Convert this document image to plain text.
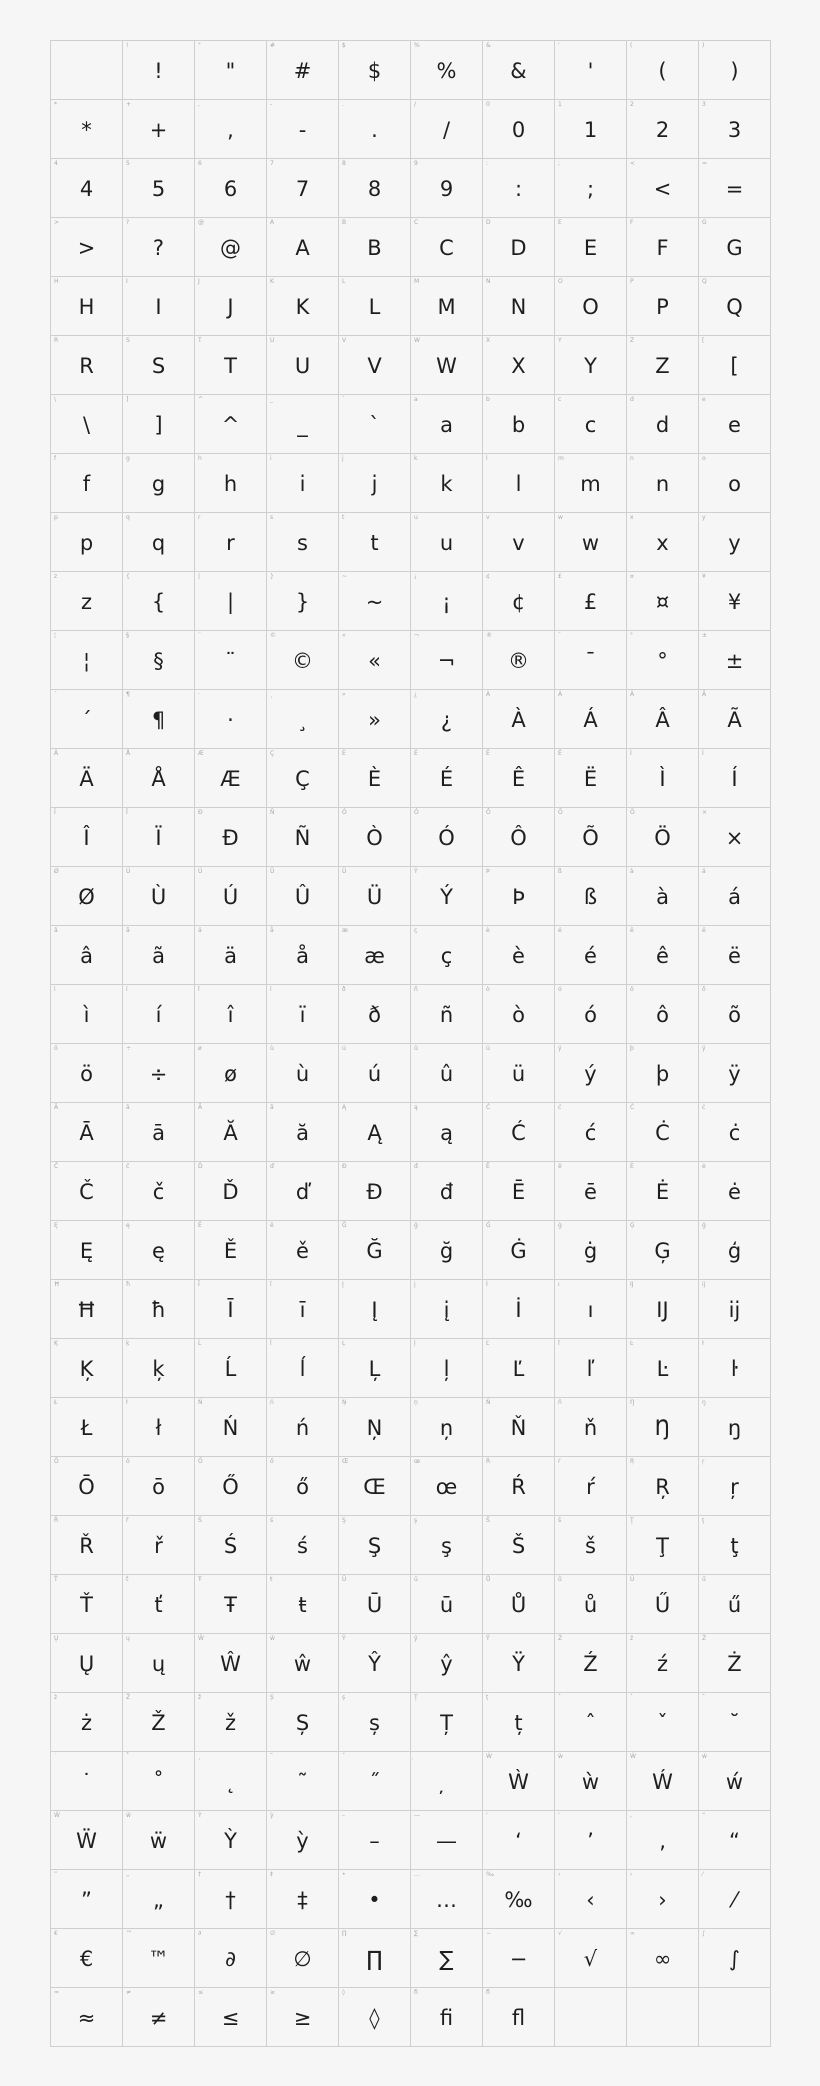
!
!
"
"
#
#
$
$
%
%
&
&
'
'
(
(
)
)
*
*
+
+
,
,
-
-
.
.
/
/
0
0
1
1
2
2
3
3
4
4
5
5
6
6
7
7
8
8
9
9
:
:
;
;
<
<
=
=
>
>
?
?
@
@
A
A
B
B
C
C
D
D
E
E
F
F
G
G
H
H
I
I
J
J
K
K
L
L
M
M
N
N
O
O
P
P
Q
Q
R
R
S
S
T
T
U
U
V
V
W
W
X
X
Y
Y
Z
Z
[
[
\
\
]
]
^
^
_
_
`
`
a
a
b
b
c
c
d
d
e
e
f
f
g
g
h
h
i
i
j
j
k
k
l
l
m
m
n
n
o
o
p
p
q
q
r
r
s
s
t
t
u
u
v
v
w
w
x
x
y
y
z
z
{
{
|
|
}
}
~
~
¡
¡
¢
¢
£
£
¤
¤
¥
¥
¦
¦
§
§
¨
¨
©
©
«
«
¬
¬
®
®
¯
¯
°
°
±
±
´
´
¶
¶
·
·
¸
¸
»
»
¿
¿
À
À
Á
Á
Â
Â
Ã
Ã
Ä
Ä
Å
Å
Æ
Æ
Ç
Ç
È
È
É
É
Ê
Ê
Ë
Ë
Ì
Ì
Í
Í
Î
Î
Ï
Ï
Ð
Ð
Ñ
Ñ
Ò
Ò
Ó
Ó
Ô
Ô
Õ
Õ
Ö
Ö
×
×
Ø
Ø
Ù
Ù
Ú
Ú
Û
Û
Ü
Ü
Ý
Ý
Þ
Þ
ß
ß
à
à
á
á
â
â
ã
ã
ä
ä
å
å
æ
æ
ç
ç
è
è
é
é
ê
ê
ë
ë
ì
ì
í
í
î
î
ï
ï
ð
ð
ñ
ñ
ò
ò
ó
ó
ô
ô
õ
õ
ö
ö
÷
÷
ø
ø
ù
ù
ú
ú
û
û
ü
ü
ý
ý
þ
þ
ÿ
ÿ
Ā
Ā
ā
ā
Ă
Ă
ă
ă
Ą
Ą
ą
ą
Ć
Ć
ć
ć
Ċ
Ċ
ċ
ċ
Č
Č
č
č
Ď
Ď
ď
ď
Đ
Đ
đ
đ
Ē
Ē
ē
ē
Ė
Ė
ė
ė
Ę
Ę
ę
ę
Ě
Ě
ě
ě
Ğ
Ğ
ğ
ğ
Ġ
Ġ
ġ
ġ
Ģ
Ģ
ģ
ģ
Ħ
Ħ
ħ
ħ
Ī
Ī
ī
ī
Į
Į
į
į
İ
İ
ı
ı
Ĳ
Ĳ
ĳ
ĳ
Ķ
Ķ
ķ
ķ
Ĺ
Ĺ
ĺ
ĺ
Ļ
Ļ
ļ
ļ
Ľ
Ľ
ľ
ľ
Ŀ
Ŀ
ŀ
ŀ
Ł
Ł
ł
ł
Ń
Ń
ń
ń
Ņ
Ņ
ņ
ņ
Ň
Ň
ň
ň
Ŋ
Ŋ
ŋ
ŋ
Ō
Ō
ō
ō
Ő
Ő
ő
ő
Œ
Œ
œ
œ
Ŕ
Ŕ
ŕ
ŕ
Ŗ
Ŗ
ŗ
ŗ
Ř
Ř
ř
ř
Ś
Ś
ś
ś
Ş
Ş
ş
ş
Š
Š
š
š
Ţ
Ţ
ţ
ţ
Ť
Ť
ť
ť
Ŧ
Ŧ
ŧ
ŧ
Ū
Ū
ū
ū
Ů
Ů
ů
ů
Ű
Ű
ű
ű
Ų
Ų
ų
ų
Ŵ
Ŵ
ŵ
ŵ
Ŷ
Ŷ
ŷ
ŷ
Ÿ
Ÿ
Ź
Ź
ź
ź
Ż
Ż
ż
ż
Ž
Ž
ž
ž
Ș
Ș
ș
ș
Ț
Ț
ț
ț
ˆ
ˆ
ˇ
ˇ
˘
˘
˙
˙
˚
˚
˛
˛
˜
˜
˝
˝
Ẁ
Ẁ
ẁ
ẁ
Ẃ
Ẃ
ẃ
ẃ
Ẅ
Ẅ
ẅ
ẅ
Ỳ
Ỳ
ỳ
ỳ
–
–
—
—
‘
‘
’
’
‚
‚
“
“
”
”
„
„
†
†
‡
‡
•
•
…
…
‰
‰
‹
‹
›
›
⁄
⁄
€
€
™
™
∂
∂
∅
∅
∏
∏
∑
∑
−
−
√
√
∞
∞
∫
∫
≈
≈
≠
≠
≤
≤
≥
≥
◊
◊
ﬁ
ﬁ
ﬂ
ﬂ
